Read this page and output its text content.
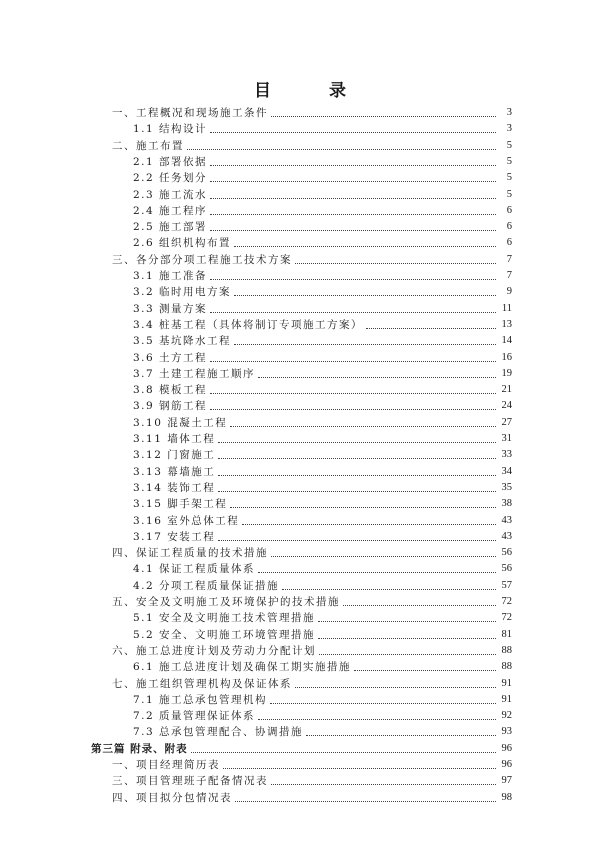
目 录
一、工程概况和现场施工条件	3
1.1 结构设计	3
二、施工布置	5
2.1 部署依据	5
2.2 任务划分	5
2.3 施工流水	5
2.4 施工程序	6
2.5 施工部署	6
2.6 组织机构布置	6
三、各分部分项工程施工技术方案	7
3.1 施工准备	7
3.2 临时用电方案	9
3.3 测量方案	11
3.4 桩基工程（具体将制订专项施工方案）	13
3.5 基坑降水工程	14
3.6 土方工程	16
3.7 土建工程施工顺序	19
3.8 模板工程	21
3.9 钢筋工程	24
3.10 混凝土工程	27
3.11 墙体工程	31
3.12 门窗施工	33
3.13 幕墙施工	34
3.14 装饰工程	35
3.15 脚手架工程	38
3.16 室外总体工程	43
3.17 安装工程	43
四、保证工程质量的技术措施	56
4.1 保证工程质量体系	56
4.2 分项工程质量保证措施	57
五、安全及文明施工及环境保护的技术措施	72
5.1 安全及文明施工技术管理措施	72
5.2 安全、文明施工环境管理措施	81
六、施工总进度计划及劳动力分配计划	88
6.1 施工总进度计划及确保工期实施措施	88
七、施工组织管理机构及保证体系	91
7.1 施工总承包管理机构	91
7.2 质量管理保证体系	92
7.3 总承包管理配合、协调措施	93
第三篇 附录、附表	96
一、项目经理简历表	96
三、项目管理班子配备情况表	97
四、项目拟分包情况表	98
